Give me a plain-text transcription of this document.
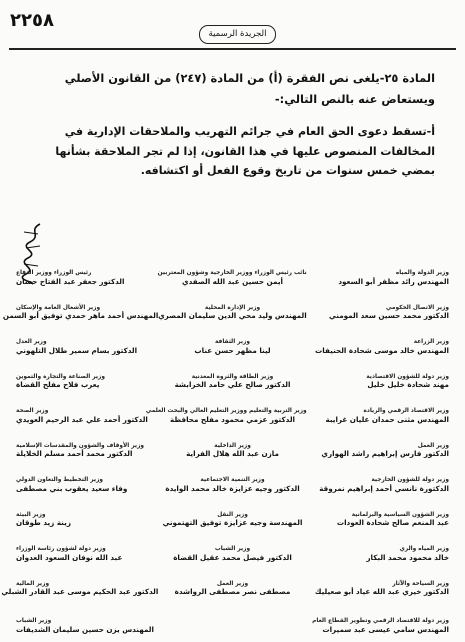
٢٢٥٨
الجريدة الرسمية

المادة ٢٥-يلغى نص الفقرة (أ) من المادة (٢٤٧) من القانون الأصلي ويستعاض عنه بالنص التالي:-

أ-تسقط دعوى الحق العام في جرائم التهريب والملاحقات الإدارية في المخالفات المنصوص عليها في هذا القانون، إذا لم تجر الملاحقة بشأنها بمضي خمس سنوات من تاريخ وقوع الفعل أو اكتشافه.

وزير الدولة والمياه
المهندس رائد مظفر أبو السعود
نائب رئيس الوزراء ووزير الخارجية وشؤون المغتربين
أيمن حسين عبد الله الصفدي
رئيس الوزراء ووزير الدفاع
الدكتور جعفر عبد الفتاح حسان
وزير الاتصال الحكومي
الدكتور محمد حسين سعد المومني
وزير الإدارة المحلية
المهندس وليد محي الدين سليمان المصري
وزير الأشغال العامة والإسكان
المهندس أحمد ماهر حمدي توفيق أبو السمن
وزير الزراعة
المهندس خالد موسى شحادة الحنيفات
وزير الثقافة
لينا مظهر حسن عناب
وزير العدل
الدكتور بسام سمير طلال التلهوني
وزير دولة للشؤون الاقتصادية
مهند شحادة خليل خليل
وزير الطاقة والثروة المعدنية
الدكتور صالح علي حامد الخرابشة
وزير الصناعة والتجارة والتموين
يعرب فلاح مفلح القضاة
وزير الاقتصاد الرقمي والريادة
المهندس مثنى حمدان عليان غرايبة
وزير التربية والتعليم ووزير التعليم العالي والبحث العلمي
الدكتور عزمي محمود مفلح محافظة
وزير الصحة
الدكتور أحمد علي عبد الرحيم العويدي
وزير العمل
الدكتور فارس إبراهيم راشد الهواري
وزير الداخلية
مازن عبد الله هلال الفراية
وزير الأوقاف والشؤون والمقدسات الإسلامية
الدكتور محمد أحمد مسلم الخلايلة
وزير دولة للشؤون الخارجية
الدكتورة نانسي أحمد إبراهيم نمروقة
وزير التنمية الاجتماعية
الدكتور وجيه عزايزة خالد محمد الوايدة
وزير التخطيط والتعاون الدولي
وفاء سعيد يعقوب بني مصطفى
وزير الشؤون السياسية والبرلمانية
عبد المنعم صالح شحادة العودات
وزير النقل
المهندسة وجيه عزايزة توفيق التهتموني
وزير البيئة
زينة زيد طوقان
وزير المياه والري
خالد محمود محمد البكار
وزير الشباب
الدكتور فيصل محمد عقيل القضاة
وزير دولة لشؤون رئاسة الوزراء
عبد الله نوفان السعود العدوان
وزير السياحة والآثار
الدكتور خيري عبد الله عياد أبو صعيليك
وزير العمل
مصطفى نصر مصطفى الرواشدة
وزير المالية
الدكتور عبد الحكيم موسى عبد القادر الشبلي
وزير دولة للاقتصاد الرقمي وتطوير القطاع العام
المهندس سامي عيسى عبد سميرات
وزير الشباب
المهندس يزن حسين سليمان الشديفات
